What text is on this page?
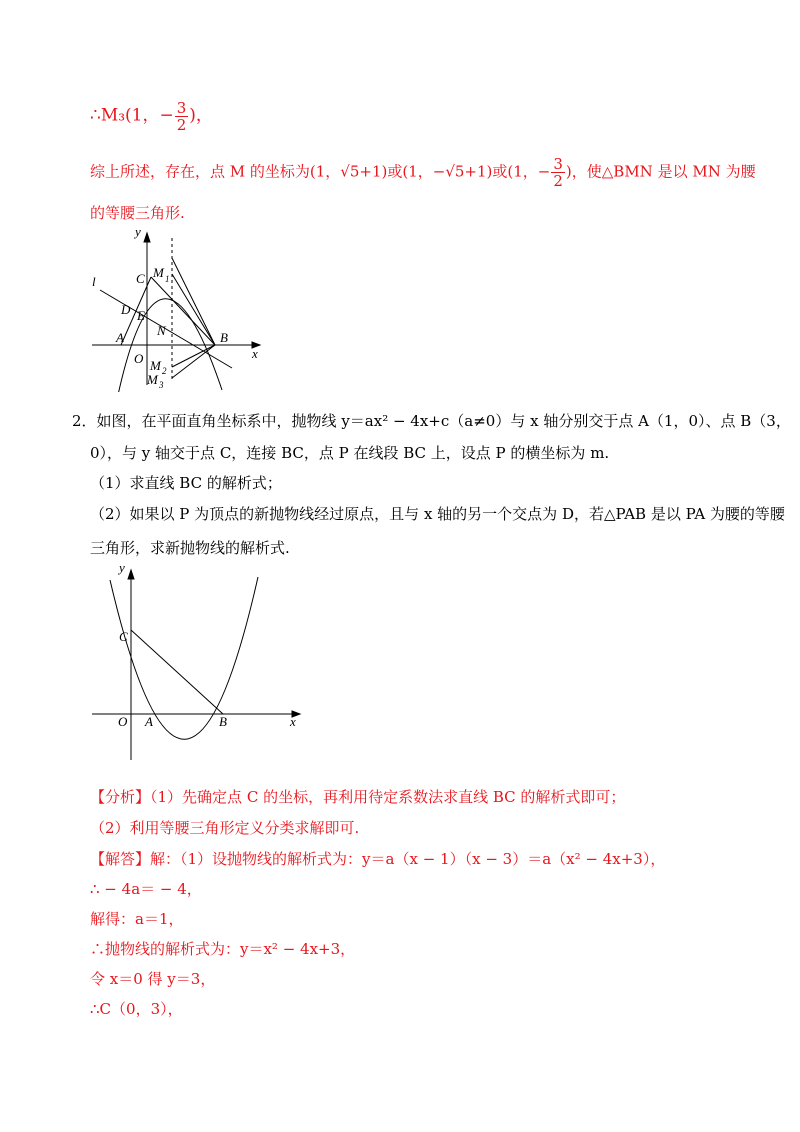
∴M₃(1，− $\frac{3}{2}$ )，
综上所述，存在，点 M 的坐标为(1，√5+1)或(1，−√5+1)或(1，− $\frac{3}{2}$ )，使△BMN 是以 MN 为腰
的等腰三角形.
y
l	C M 1
D E
A	N	B
x
O M 2
M 3
2．如图，在平面直角坐标系中，抛物线 y＝ax² − 4x+c（a≠0）与 x 轴分别交于点 A（1，0）、点 B（3，
0），与 y 轴交于点 C，连接 BC，点 P 在线段 BC 上，设点 P 的横坐标为 m.
（1）求直线 BC 的解析式；
（2）如果以 P 为顶点的新抛物线经过原点，且与 x 轴的另一个交点为 D，若△PAB 是以 PA 为腰的等腰
三角形，求新抛物线的解析式.
y
C
O A	B	x
【分析】（1）先确定点 C 的坐标，再利用待定系数法求直线 BC 的解析式即可；
（2）利用等腰三角形定义分类求解即可.
【解答】解：（1）设抛物线的解析式为：y＝a（x − 1）（x − 3）＝a（x² − 4x+3），
∴ − 4a＝ − 4，
解得：a＝1，
∴抛物线的解析式为：y＝x² − 4x+3，
令 x＝0 得 y＝3，
∴C（0，3），
